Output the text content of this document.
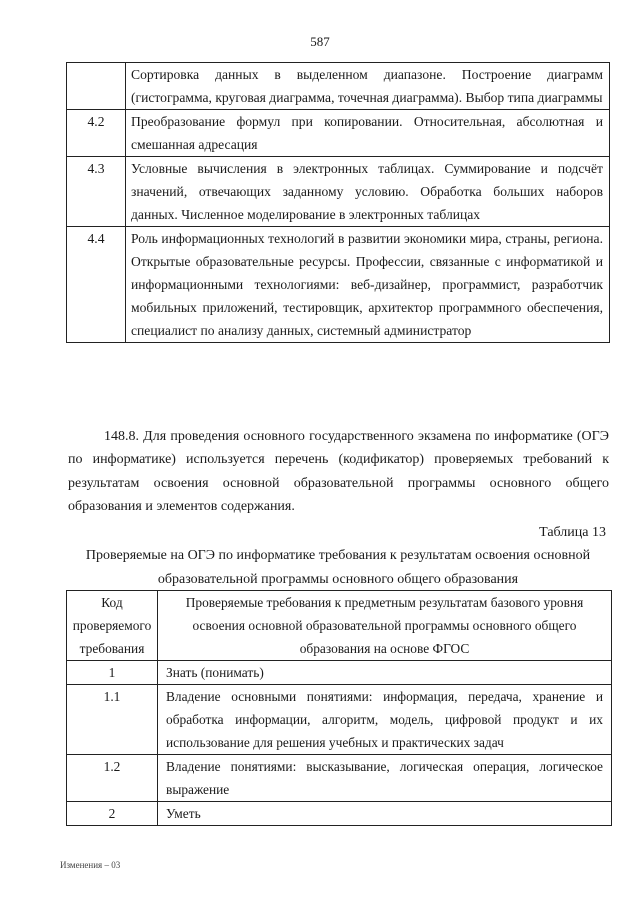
587
	Сортировка данных в выделенном диапазоне. Построение диаграмм (гистограмма, круговая диаграмма, точечная диаграмма). Выбор типа диаграммы
4.2	Преобразование формул при копировании. Относительная, абсолютная и смешанная адресация
4.3	Условные вычисления в электронных таблицах. Суммирование и подсчёт значений, отвечающих заданному условию. Обработка больших наборов данных. Численное моделирование в электронных таблицах
4.4	Роль информационных технологий в развитии экономики мира, страны, региона. Открытые образовательные ресурсы. Профессии, связанные с информатикой и информационными технологиями: веб-дизайнер, программист, разработчик мобильных приложений, тестировщик, архитектор программного обеспечения, специалист по анализу данных, системный администратор

148.8. Для проведения основного государственного экзамена по информатике (ОГЭ по информатике) используется перечень (кодификатор) проверяемых требований к результатам освоения основной образовательной программы основного общего образования и элементов содержания.

Таблица 13
Проверяемые на ОГЭ по информатике требования к результатам освоения основной образовательной программы основного общего образования
Код проверяемого требования	Проверяемые требования к предметным результатам базового уровня освоения основной образовательной программы основного общего образования на основе ФГОС
1	Знать (понимать)
1.1	Владение основными понятиями: информация, передача, хранение и обработка информации, алгоритм, модель, цифровой продукт и их использование для решения учебных и практических задач
1.2	Владение понятиями: высказывание, логическая операция, логическое выражение
2	Уметь
Изменения – 03
